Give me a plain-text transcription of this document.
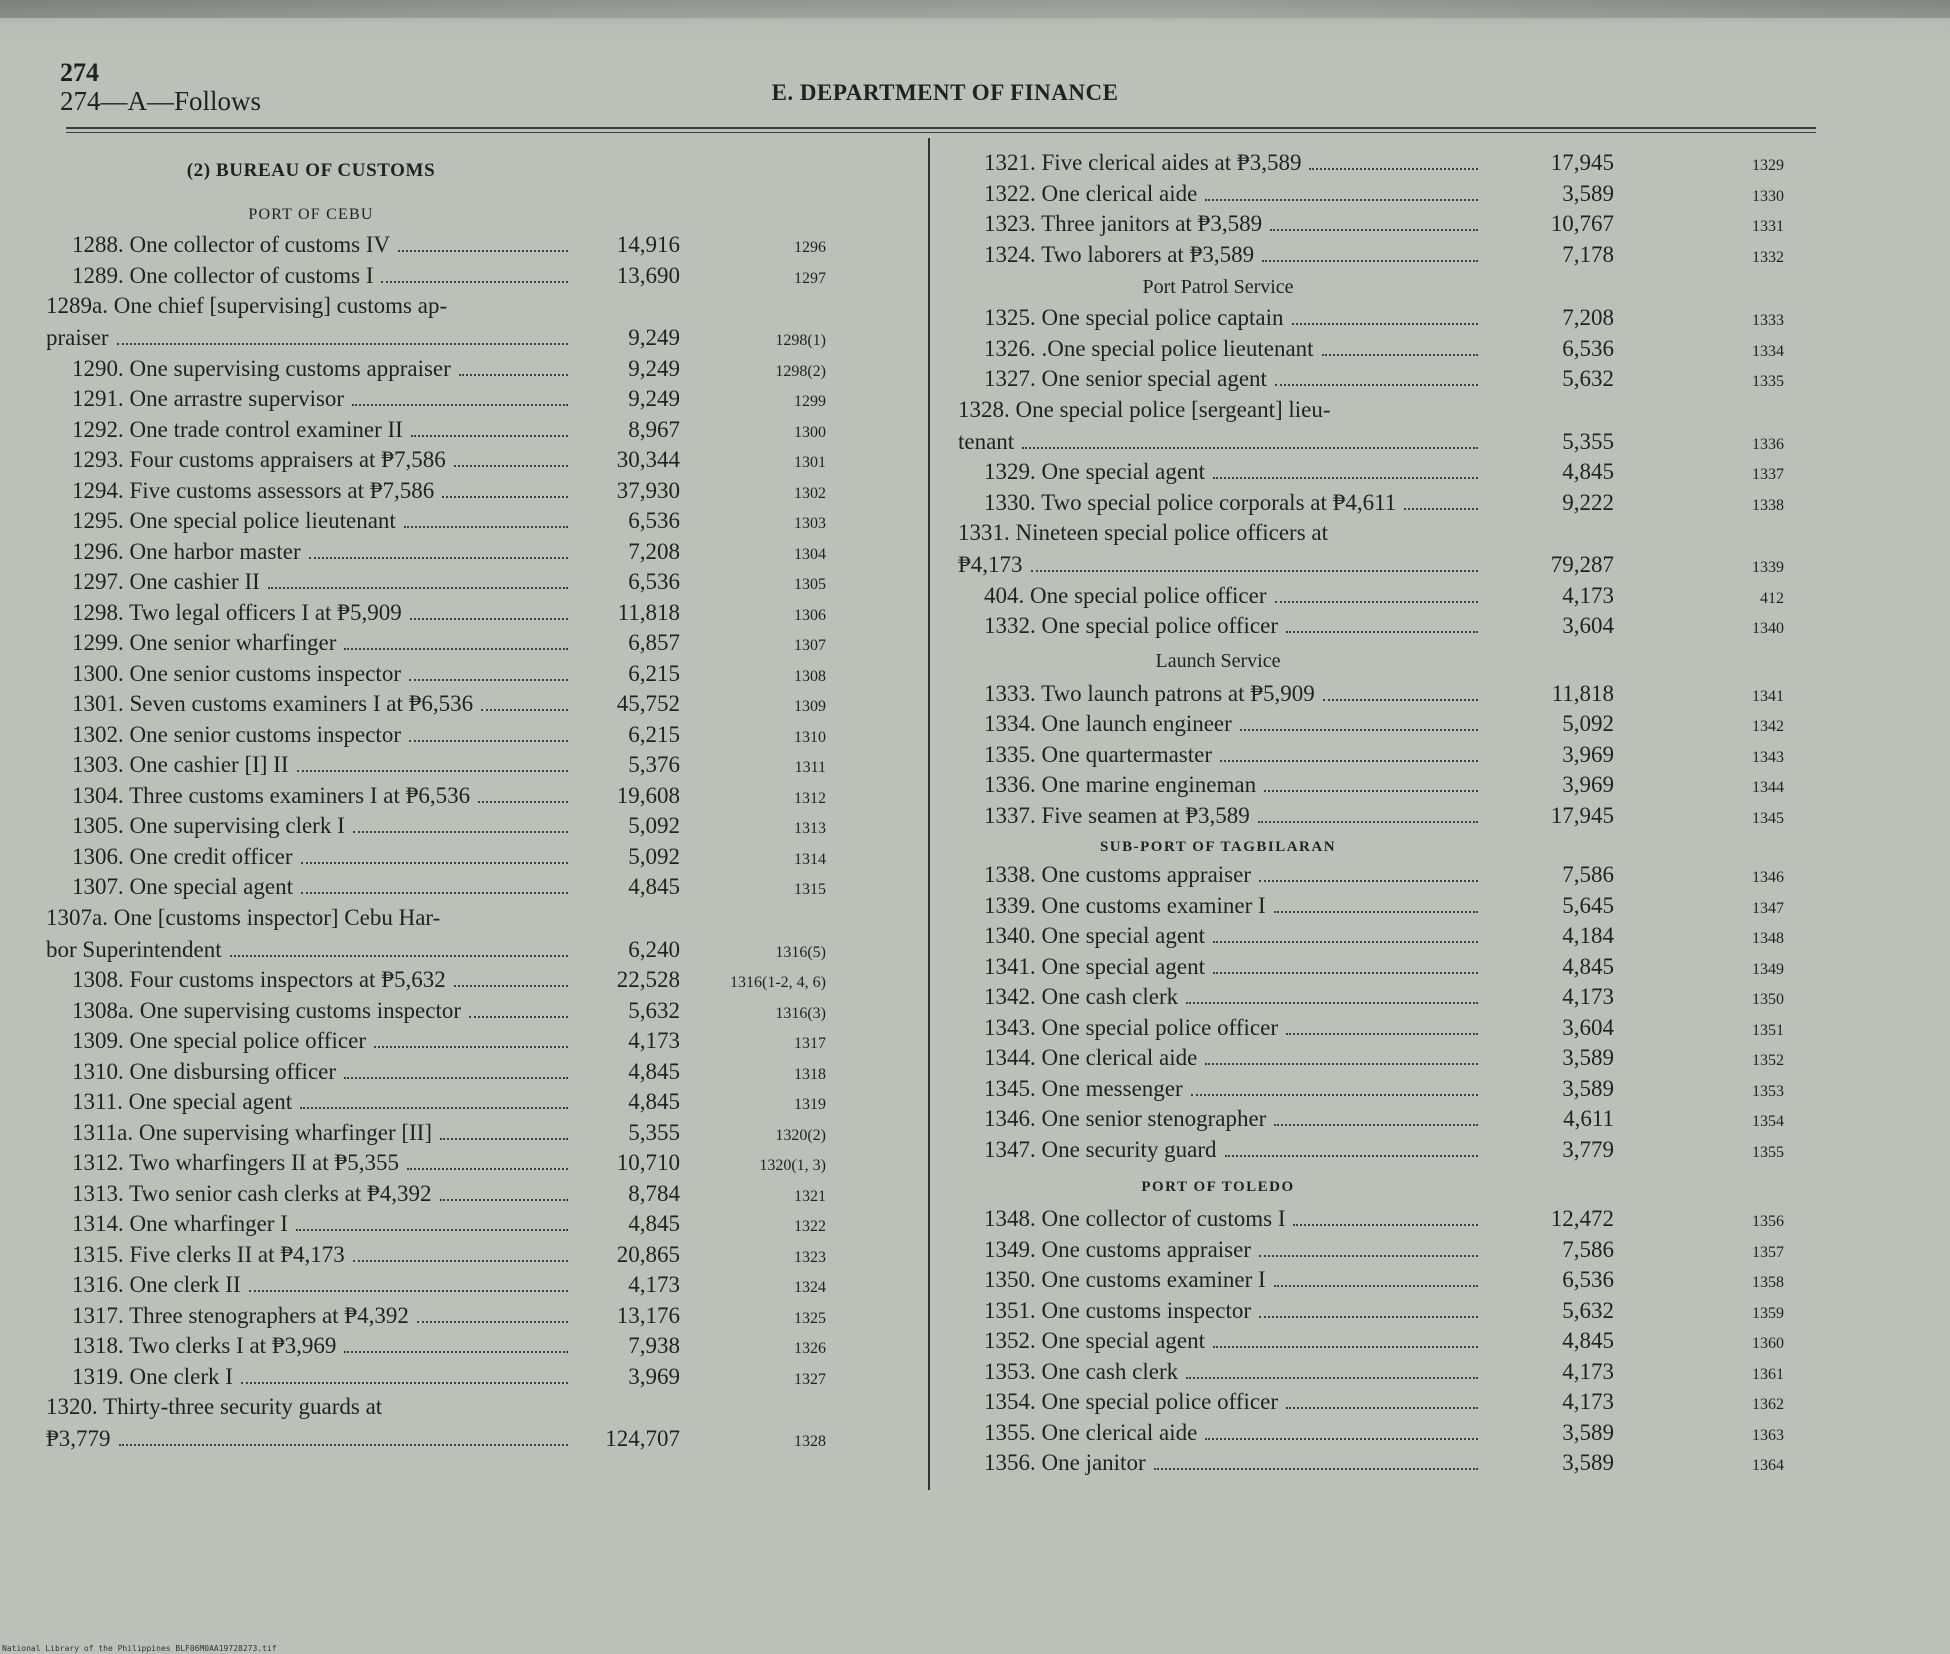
274
274—A—Follows	E. DEPARTMENT OF FINANCE
(2) BUREAU OF CUSTOMS
PORT OF CEBU
1288. One collector of customs IV	14,916	1296
1289. One collector of customs I	13,690	1297
1289a. One chief [supervising] customs ap-
praiser	9,249	1298(1)
1290. One supervising customs appraiser	9,249	1298(2)
1291. One arrastre supervisor	9,249	1299
1292. One trade control examiner II	8,967	1300
1293. Four customs appraisers at ₱7,586	30,344	1301
1294. Five customs assessors at ₱7,586	37,930	1302
1295. One special police lieutenant	6,536	1303
1296. One harbor master	7,208	1304
1297. One cashier II	6,536	1305
1298. Two legal officers I at ₱5,909	11,818	1306
1299. One senior wharfinger	6,857	1307
1300. One senior customs inspector	6,215	1308
1301. Seven customs examiners I at ₱6,536	45,752	1309
1302. One senior customs inspector	6,215	1310
1303. One cashier [I] II	5,376	1311
1304. Three customs examiners I at ₱6,536	19,608	1312
1305. One supervising clerk I	5,092	1313
1306. One credit officer	5,092	1314
1307. One special agent	4,845	1315
1307a. One [customs inspector] Cebu Har-
bor Superintendent	6,240	1316(5)
1308. Four customs inspectors at ₱5,632	22,528	1316(1-2, 4, 6)
1308a. One supervising customs inspector	5,632	1316(3)
1309. One special police officer	4,173	1317
1310. One disbursing officer	4,845	1318
1311. One special agent	4,845	1319
1311a. One supervising wharfinger [II]	5,355	1320(2)
1312. Two wharfingers II at ₱5,355	10,710	1320(1, 3)
1313. Two senior cash clerks at ₱4,392	8,784	1321
1314. One wharfinger I	4,845	1322
1315. Five clerks II at ₱4,173	20,865	1323
1316. One clerk II	4,173	1324
1317. Three stenographers at ₱4,392	13,176	1325
1318. Two clerks I at ₱3,969	7,938	1326
1319. One clerk I	3,969	1327
1320. Thirty-three security guards at
₱3,779	124,707	1328
1321. Five clerical aides at ₱3,589	17,945	1329
1322. One clerical aide	3,589	1330
1323. Three janitors at ₱3,589	10,767	1331
1324. Two laborers at ₱3,589	7,178	1332
Port Patrol Service
1325. One special police captain	7,208	1333
1326. .One special police lieutenant	6,536	1334
1327. One senior special agent	5,632	1335
1328. One special police [sergeant] lieu-
tenant	5,355	1336
1329. One special agent	4,845	1337
1330. Two special police corporals at ₱4,611	9,222	1338
1331. Nineteen special police officers at
₱4,173	79,287	1339
404. One special police officer	4,173	412
1332. One special police officer	3,604	1340
Launch Service
1333. Two launch patrons at ₱5,909	11,818	1341
1334. One launch engineer	5,092	1342
1335. One quartermaster	3,969	1343
1336. One marine engineman	3,969	1344
1337. Five seamen at ₱3,589	17,945	1345
SUB-PORT OF TAGBILARAN
1338. One customs appraiser	7,586	1346
1339. One customs examiner I	5,645	1347
1340. One special agent	4,184	1348
1341. One special agent	4,845	1349
1342. One cash clerk	4,173	1350
1343. One special police officer	3,604	1351
1344. One clerical aide	3,589	1352
1345. One messenger	3,589	1353
1346. One senior stenographer	4,611	1354
1347. One security guard	3,779	1355
PORT OF TOLEDO
1348. One collector of customs I	12,472	1356
1349. One customs appraiser	7,586	1357
1350. One customs examiner I	6,536	1358
1351. One customs inspector	5,632	1359
1352. One special agent	4,845	1360
1353. One cash clerk	4,173	1361
1354. One special police officer	4,173	1362
1355. One clerical aide	3,589	1363
1356. One janitor	3,589	1364
National Library of the Philippines BLF06M0AA19728273.tif
